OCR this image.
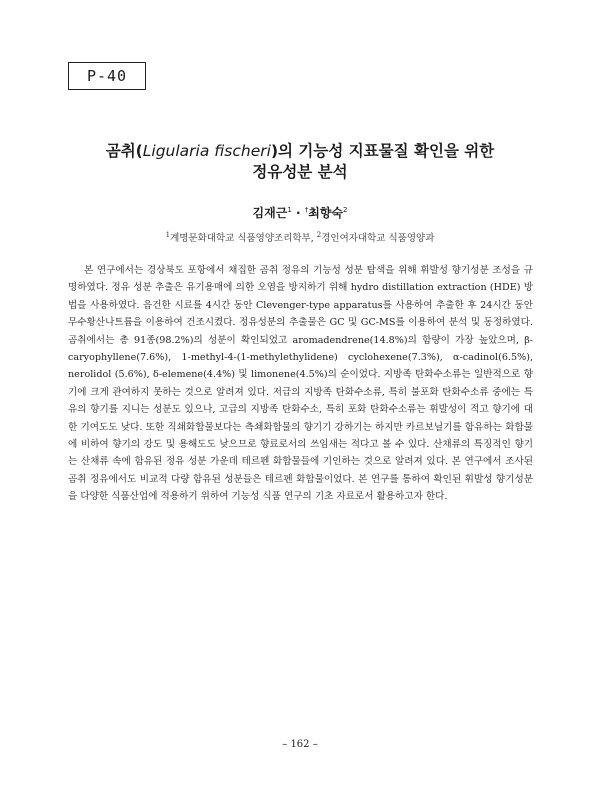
P-40
곰취(Ligularia fischeri)의 기능성 지표물질 확인을 위한
정유성분 분석
김재근$^1$ · †최향숙$^2$
$^1$계명문화대학교 식품영양조리학부, $^2$경인여자대학교 식품영양과

본 연구에서는 경상북도 포항에서 채집한 곰취 정유의 기능성 성분 탐색을 위해 휘발성 향기성분 조성을 규명하였다. 정유 성분 추출은 유기용매에 의한 오염을 방지하기 위해 hydro distillation extraction (HDE) 방법을 사용하였다. 음건한 시료를 4시간 동안 Clevenger-type apparatus를 사용하여 추출한 후 24시간 동안 무수황산나트륨을 이용하여 건조시켰다. 정유성분의 추출물은 GC 및 GC-MS를 이용하여 분석 및 동정하였다. 곰취에서는 총 91종(98.2%)의 성분이 확인되었고 aromadendrene(14.8%)의 함량이 가장 높았으며, β-caryophyllene(7.6%), 1-methyl-4-(1-methylethylidene) cyclohexene(7.3%), α-cadinol(6.5%), nerolidol (5.6%), δ-elemene(4.4%) 및 limonene(4.5%)의 순이었다. 지방족 탄화수소류는 일반적으로 향기에 크게 관여하지 못하는 것으로 알려져 있다. 저급의 지방족 탄화수소류, 특히 불포화 탄화수소류 중에는 특유의 향기를 지니는 성분도 있으나, 고급의 지방족 탄화수소, 특히 포화 탄화수소류는 휘발성이 적고 향기에 대한 기여도도 낮다. 또한 직쇄화합물보다는 측쇄화합물의 향기기 강하기는 하지만 카르보닐기를 함유하는 화합물에 비하여 향기의 강도 및 용해도도 낮으므로 향료로서의 쓰임새는 적다고 볼 수 있다. 산채류의 특징적인 향기는 산채류 속에 함유된 정유 성분 가운데 테르펜 화합물들에 기인하는 것으로 알려져 있다. 본 연구에서 조사된 곰취 정유에서도 비교적 다량 함유된 성분들은 테르펜 화합물이었다. 본 연구를 통하여 확인된 휘발성 향기성분을 다양한 식품산업에 적용하기 위하여 기능성 식품 연구의 기초 자료로서 활용하고자 한다.

– 162 –
